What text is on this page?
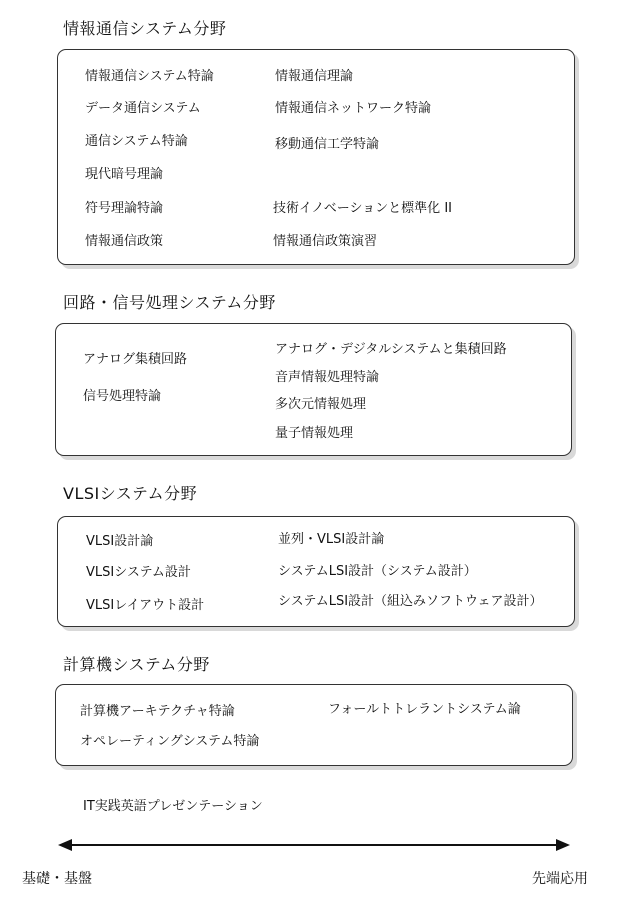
情報通信システム分野
情報通信システム特論
データ通信システム
通信システム特論
現代暗号理論
符号理論特論
情報通信政策
情報通信理論
情報通信ネットワーク特論
移動通信工学特論
技術イノベーションと標準化 II
情報通信政策演習
回路・信号処理システム分野
アナログ集積回路
信号処理特論
アナログ・デジタルシステムと集積回路
音声情報処理特論
多次元情報処理
量子情報処理
VLSIシステム分野
VLSI設計論
VLSIシステム設計
VLSIレイアウト設計
並列・VLSI設計論
システムLSI設計（システム設計）
システムLSI設計（組込みソフトウェア設計）
計算機システム分野
計算機アーキテクチャ特論
オペレーティングシステム特論
フォールトトレラントシステム論
IT実践英語プレゼンテーション
基礎・基盤	先端応用
